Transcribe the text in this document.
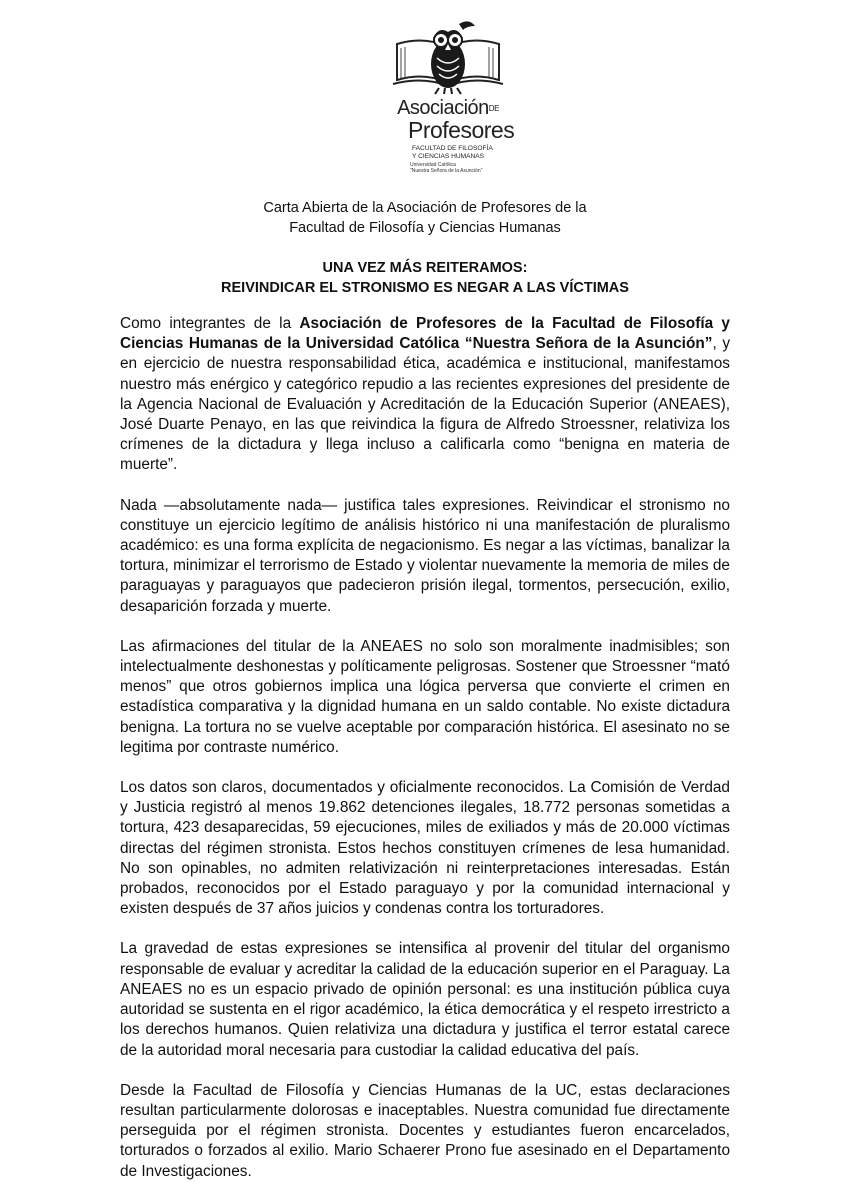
AsociaciónDE
Profesores
FACULTAD DE FILOSOFÍA
Y CIENCIAS HUMANAS
Universidad Católica
"Nuestra Señora de la Asunción"
Carta Abierta de la Asociación de Profesores de la
Facultad de Filosofía y Ciencias Humanas
UNA VEZ MÁS REITERAMOS:
REIVINDICAR EL STRONISMO ES NEGAR A LAS VÍCTIMAS

Como integrantes de la Asociación de Profesores de la Facultad de Filosofía y Ciencias Humanas de la Universidad Católica “Nuestra Señora de la Asunción”, y en ejercicio de nuestra responsabilidad ética, académica e institucional, manifestamos nuestro más enérgico y categórico repudio a las recientes expresiones del presidente de la Agencia Nacional de Evaluación y Acreditación de la Educación Superior (ANEAES), José Duarte Penayo, en las que reivindica la figura de Alfredo Stroessner, relativiza los crímenes de la dictadura y llega incluso a calificarla como “benigna en materia de muerte”.

Nada —absolutamente nada— justifica tales expresiones. Reivindicar el stronismo no constituye un ejercicio legítimo de análisis histórico ni una manifestación de pluralismo académico: es una forma explícita de negacionismo. Es negar a las víctimas, banalizar la tortura, minimizar el terrorismo de Estado y violentar nuevamente la memoria de miles de paraguayas y paraguayos que padecieron prisión ilegal, tormentos, persecución, exilio, desaparición forzada y muerte.

Las afirmaciones del titular de la ANEAES no solo son moralmente inadmisibles; son intelectualmente deshonestas y políticamente peligrosas. Sostener que Stroessner “mató menos” que otros gobiernos implica una lógica perversa que convierte el crimen en estadística comparativa y la dignidad humana en un saldo contable. No existe dictadura benigna. La tortura no se vuelve aceptable por comparación histórica. El asesinato no se legitima por contraste numérico.

Los datos son claros, documentados y oficialmente reconocidos. La Comisión de Verdad y Justicia registró al menos 19.862 detenciones ilegales, 18.772 personas sometidas a tortura, 423 desaparecidas, 59 ejecuciones, miles de exiliados y más de 20.000 víctimas directas del régimen stronista. Estos hechos constituyen crímenes de lesa humanidad. No son opinables, no admiten relativización ni reinterpretaciones interesadas. Están probados, reconocidos por el Estado paraguayo y por la comunidad internacional y existen después de 37 años juicios y condenas contra los torturadores.

La gravedad de estas expresiones se intensifica al provenir del titular del organismo responsable de evaluar y acreditar la calidad de la educación superior en el Paraguay. La ANEAES no es un espacio privado de opinión personal: es una institución pública cuya autoridad se sustenta en el rigor académico, la ética democrática y el respeto irrestricto a los derechos humanos. Quien relativiza una dictadura y justifica el terror estatal carece de la autoridad moral necesaria para custodiar la calidad educativa del país.

Desde la Facultad de Filosofía y Ciencias Humanas de la UC, estas declaraciones resultan particularmente dolorosas e inaceptables. Nuestra comunidad fue directamente perseguida por el régimen stronista. Docentes y estudiantes fueron encarcelados, torturados o forzados al exilio. Mario Schaerer Prono fue asesinado en el Departamento de Investigaciones.
